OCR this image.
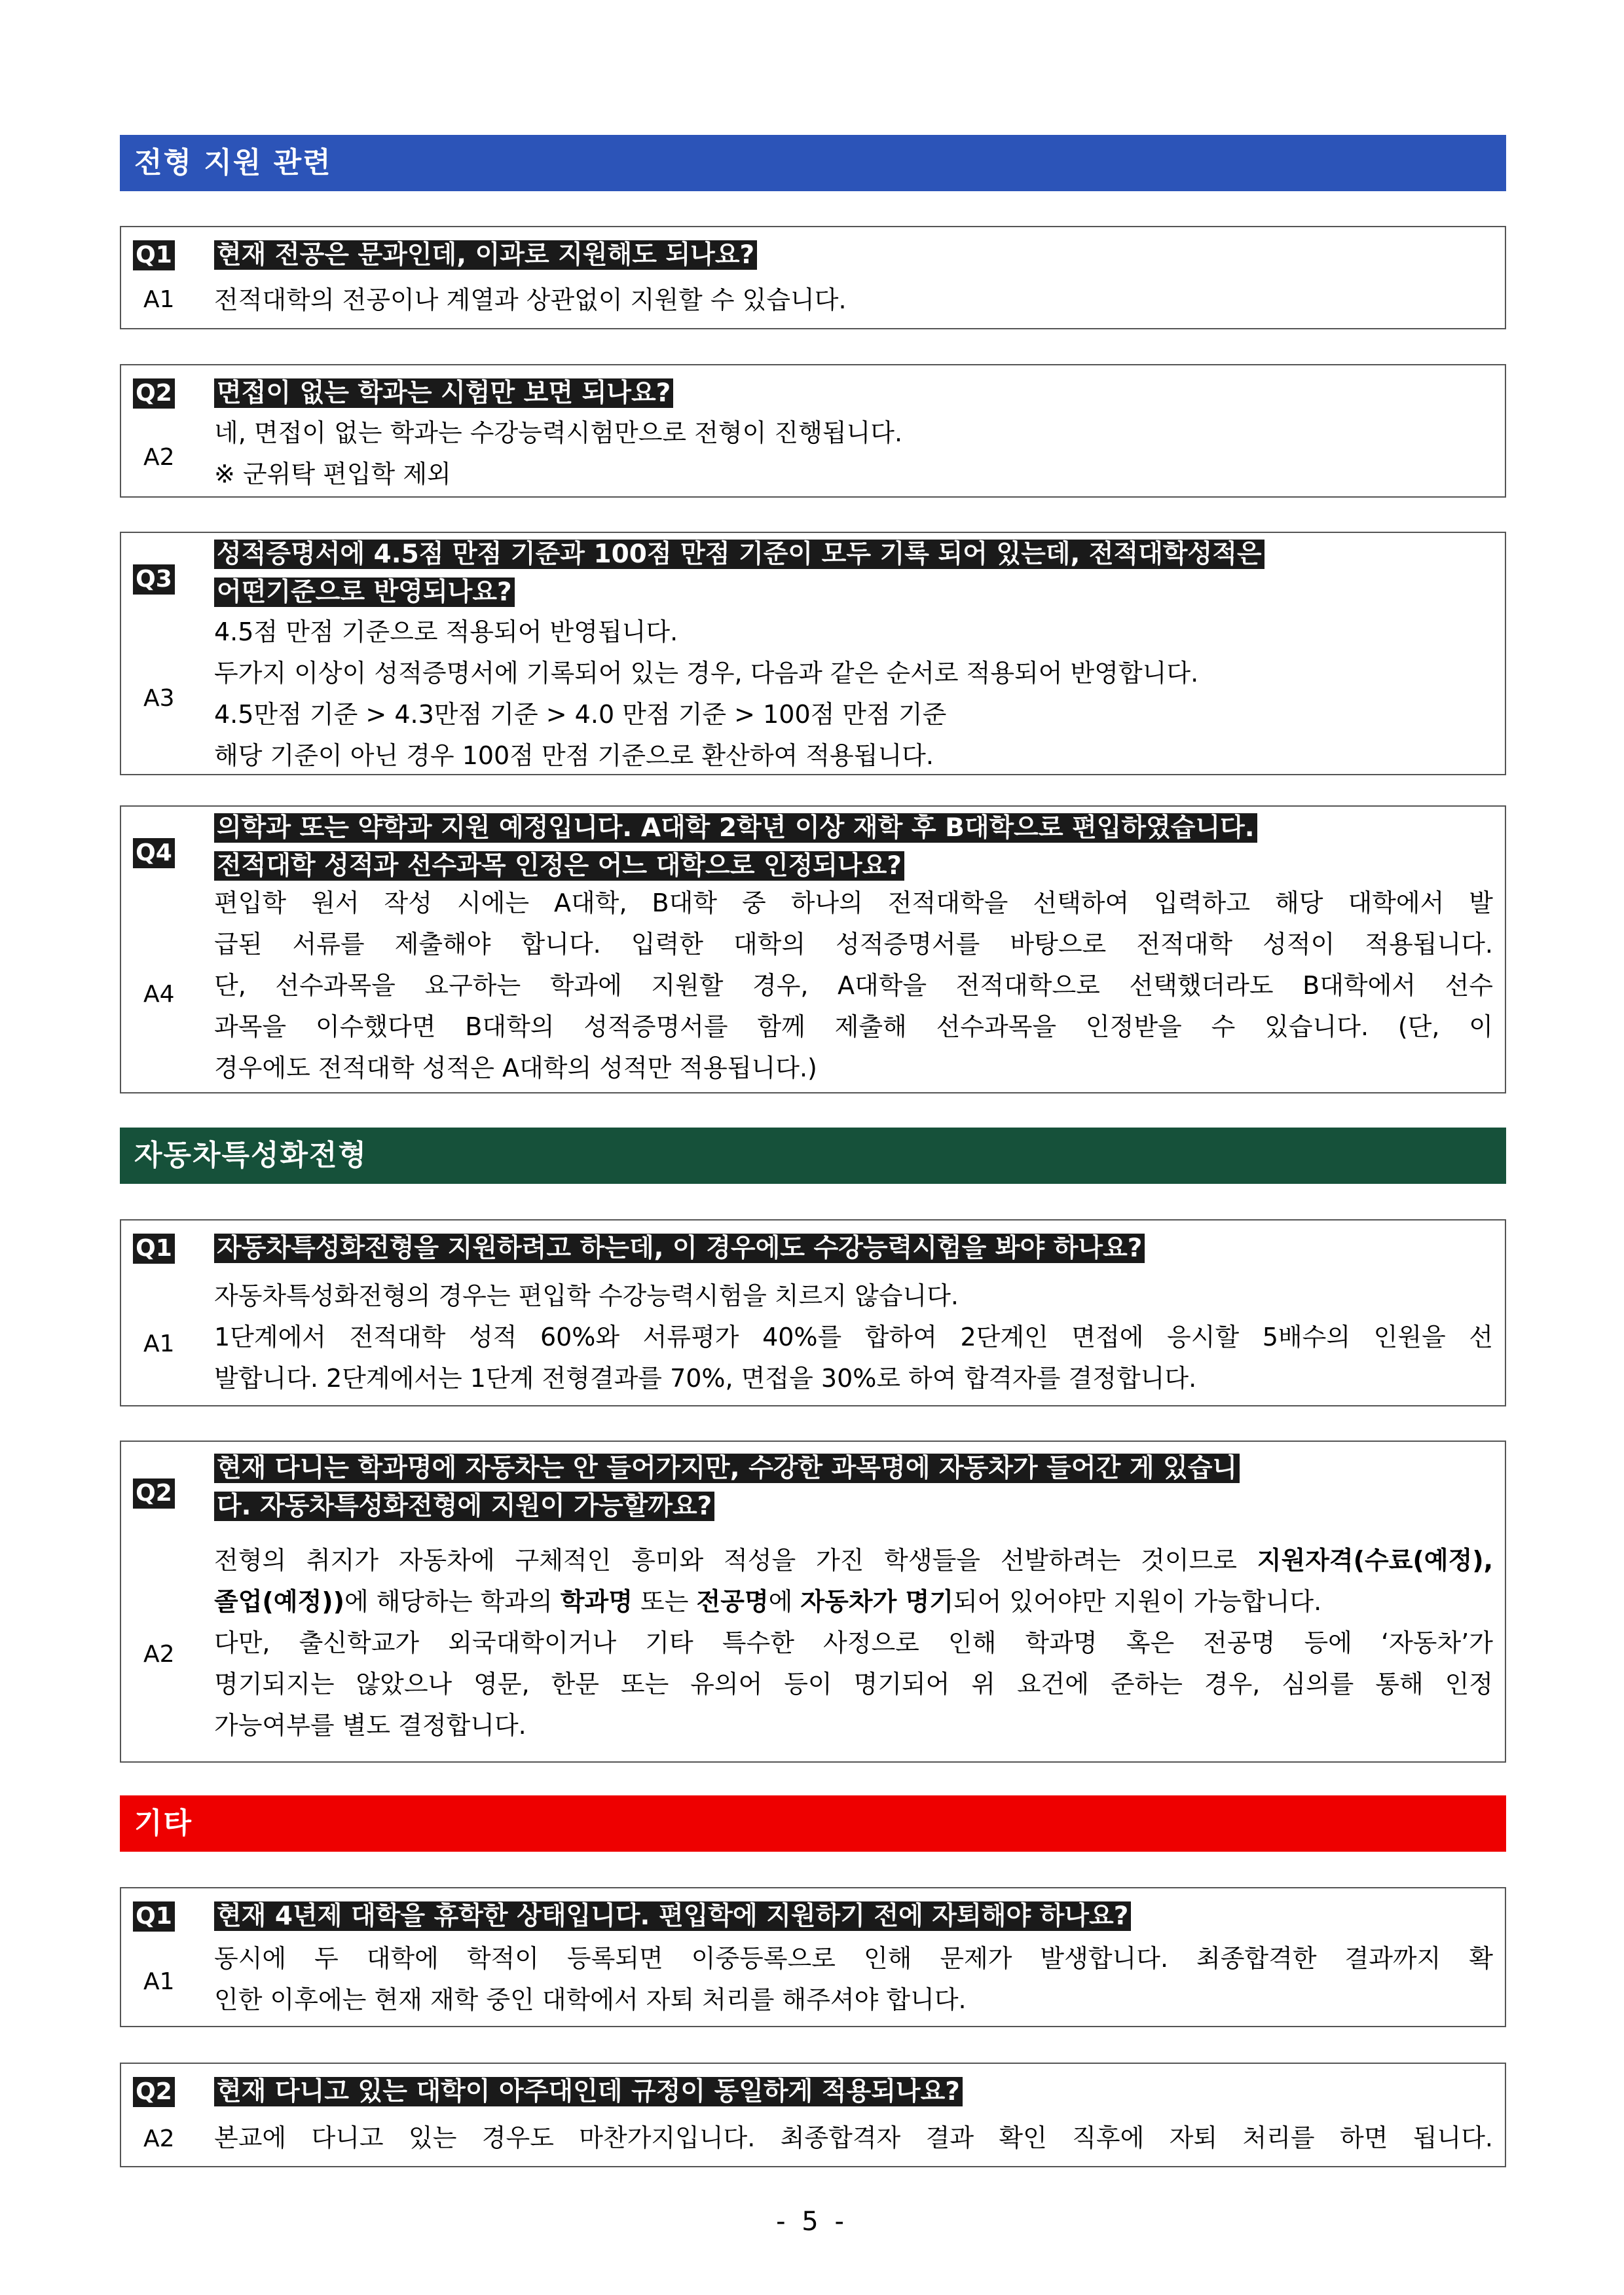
전형 지원 관련
Q1 현재 전공은 문과인데, 이과로 지원해도 되나요?
A1 전적대학의 전공이나 계열과 상관없이 지원할 수 있습니다.
Q2 면접이 없는 학과는 시험만 보면 되나요?
A2
네, 면접이 없는 학과는 수강능력시험만으로 전형이 진행됩니다.
※ 군위탁 편입학 제외
Q3
성적증명서에 4.5점 만점 기준과 100점 만점 기준이 모두 기록 되어 있는데, 전적대학성적은
어떤기준으로 반영되나요?
A3
4.5점 만점 기준으로 적용되어 반영됩니다.
두가지 이상이 성적증명서에 기록되어 있는 경우, 다음과 같은 순서로 적용되어 반영합니다.
4.5만점 기준 > 4.3만점 기준 > 4.0 만점 기준 > 100점 만점 기준
해당 기준이 아닌 경우 100점 만점 기준으로 환산하여 적용됩니다.
Q4
의학과 또는 약학과 지원 예정입니다. A대학 2학년 이상 재학 후 B대학으로 편입하였습니다.
전적대학 성적과 선수과목 인정은 어느 대학으로 인정되나요?
A4
편입학 원서 작성 시에는 A대학, B대학 중 하나의 전적대학을 선택하여 입력하고 해당 대학에서 발
급된 서류를 제출해야 합니다. 입력한 대학의 성적증명서를 바탕으로 전적대학 성적이 적용됩니다.
단, 선수과목을 요구하는 학과에 지원할 경우, A대학을 전적대학으로 선택했더라도 B대학에서 선수
과목을 이수했다면 B대학의 성적증명서를 함께 제출해 선수과목을 인정받을 수 있습니다. (단, 이
경우에도 전적대학 성적은 A대학의 성적만 적용됩니다.)
자동차특성화전형
Q1 자동차특성화전형을 지원하려고 하는데, 이 경우에도 수강능력시험을 봐야 하나요?
A1
자동차특성화전형의 경우는 편입학 수강능력시험을 치르지 않습니다.
1단계에서 전적대학 성적 60%와 서류평가 40%를 합하여 2단계인 면접에 응시할 5배수의 인원을 선
발합니다. 2단계에서는 1단계 전형결과를 70%, 면접을 30%로 하여 합격자를 결정합니다.
Q2
현재 다니는 학과명에 자동차는 안 들어가지만, 수강한 과목명에 자동차가 들어간 게 있습니
다. 자동차특성화전형에 지원이 가능할까요?
A2
전형의 취지가 자동차에 구체적인 흥미와 적성을 가진 학생들을 선발하려는 것이므로 지원자격(수료(예정),
졸업(예정))에 해당하는 학과의 학과명 또는 전공명에 자동차가 명기되어 있어야만 지원이 가능합니다.
다만, 출신학교가 외국대학이거나 기타 특수한 사정으로 인해 학과명 혹은 전공명 등에 ‘자동차’가
명기되지는 않았으나 영문, 한문 또는 유의어 등이 명기되어 위 요건에 준하는 경우, 심의를 통해 인정
가능여부를 별도 결정합니다.
기타
Q1 현재 4년제 대학을 휴학한 상태입니다. 편입학에 지원하기 전에 자퇴해야 하나요?
A1
동시에 두 대학에 학적이 등록되면 이중등록으로 인해 문제가 발생합니다. 최종합격한 결과까지 확
인한 이후에는 현재 재학 중인 대학에서 자퇴 처리를 해주셔야 합니다.
Q2 현재 다니고 있는 대학이 아주대인데 규정이 동일하게 적용되나요?
A2 본교에 다니고 있는 경우도 마찬가지입니다. 최종합격자 결과 확인 직후에 자퇴 처리를 하면 됩니다.
- 5 -
